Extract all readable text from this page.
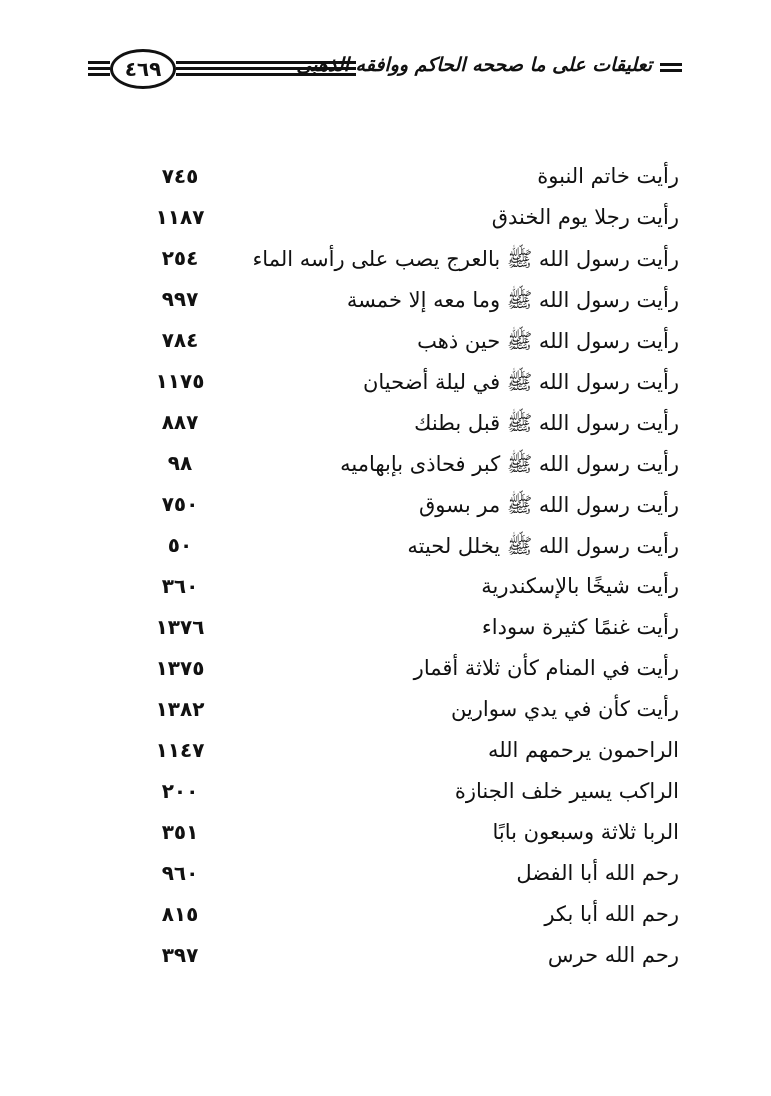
٤٦٩	تعليقات على ما صححه الحاكم ووافقه الذهبي
رأيت خاتم النبوة
٧٤٥
رأيت رجلا يوم الخندق
١١٨٧
رأيت رسول الله ﷺ بالعرج يصب على رأسه الماء
٢٥٤
رأيت رسول الله ﷺ وما معه إلا خمسة
٩٩٧
رأيت رسول الله ﷺ حين ذهب
٧٨٤
رأيت رسول الله ﷺ في ليلة أضحيان
١١٧٥
رأيت رسول الله ﷺ قبل بطنك
٨٨٧
رأيت رسول الله ﷺ كبر فحاذى بإبهاميه
٩٨
رأيت رسول الله ﷺ مر بسوق
٧٥٠
رأيت رسول الله ﷺ يخلل لحيته
٥٠
رأيت شيخًا بالإسكندرية
٣٦٠
رأيت غنمًا كثيرة سوداء
١٣٧٦
رأيت في المنام كأن ثلاثة أقمار
١٣٧٥
رأيت كأن في يدي سوارين
١٣٨٢
الراحمون يرحمهم الله
١١٤٧
الراكب يسير خلف الجنازة
٢٠٠
الربا ثلاثة وسبعون بابًا
٣٥١
رحم الله أبا الفضل
٩٦٠
رحم الله أبا بكر
٨١٥
رحم الله حرس
٣٩٧
